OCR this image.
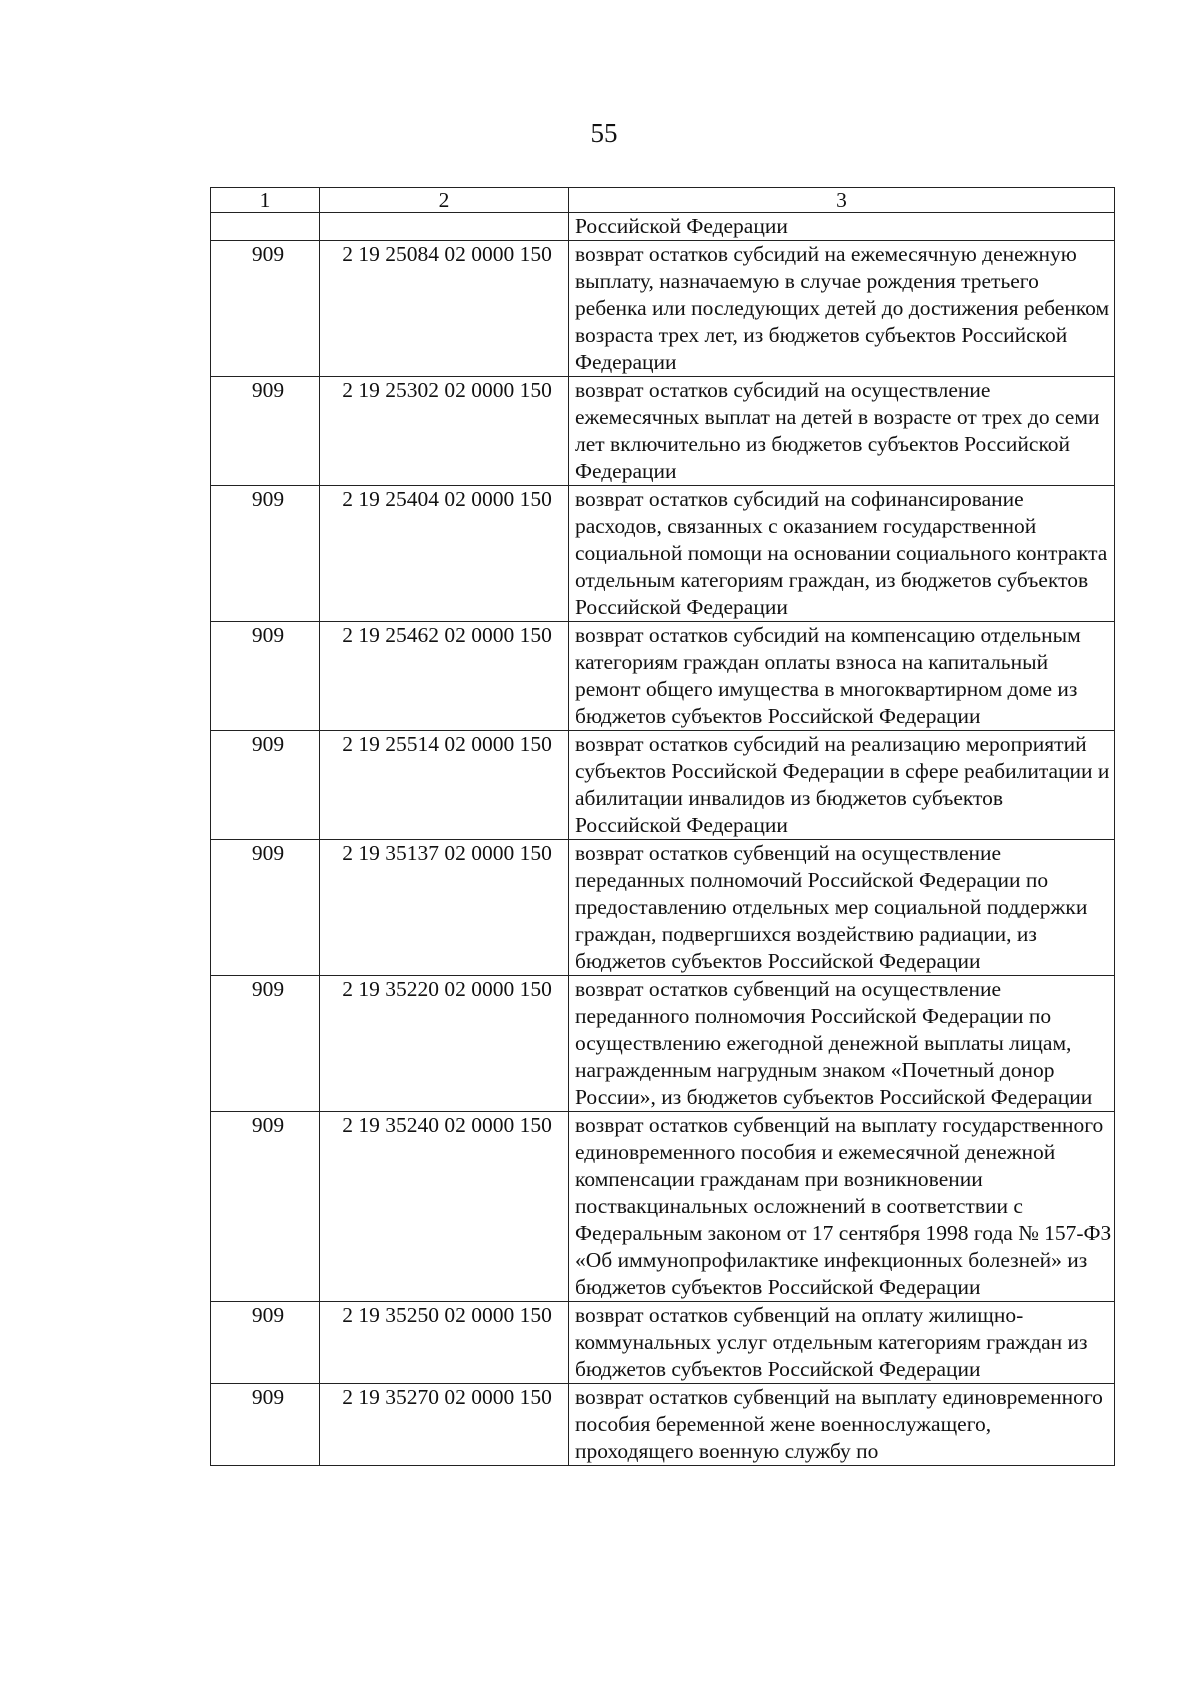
55
1	2	3
		Российской Федерации
909	2 19 25084 02 0000 150	возврат остатков субсидий на ежемесячную денежную выплату, назначаемую в случае рождения третьего ребенка или последующих детей до достижения ребенком возраста трех лет, из бюджетов субъектов Российской Федерации
909	2 19 25302 02 0000 150	возврат остатков субсидий на осуществление ежемесячных выплат на детей в возрасте от трех до семи лет включительно из бюджетов субъектов Российской Федерации
909	2 19 25404 02 0000 150	возврат остатков субсидий на софинансирование расходов, связанных с оказанием государственной социальной помощи на основании социального контракта отдельным категориям граждан, из бюджетов субъектов Российской Федерации
909	2 19 25462 02 0000 150	возврат остатков субсидий на компенсацию отдельным категориям граждан оплаты взноса на капитальный ремонт общего имущества в многоквартирном доме из бюджетов субъектов Российской Федерации
909	2 19 25514 02 0000 150	возврат остатков субсидий на реализацию мероприятий субъектов Российской Федерации в сфере реабилитации и абилитации инвалидов из бюджетов субъектов Российской Федерации
909	2 19 35137 02 0000 150	возврат остатков субвенций на осуществление переданных полномочий Российской Федерации по предоставлению отдельных мер социальной поддержки граждан, подвергшихся воздействию радиации, из бюджетов субъектов Российской Федерации
909	2 19 35220 02 0000 150	возврат остатков субвенций на осуществление переданного полномочия Российской Федерации по осуществлению ежегодной денежной выплаты лицам, награжденным нагрудным знаком «Почетный донор России», из бюджетов субъектов Российской Федерации
909	2 19 35240 02 0000 150	возврат остатков субвенций на выплату государственного единовременного пособия и ежемесячной денежной компенсации гражданам при возникновении поствакцинальных осложнений в соответствии с Федеральным законом от 17 сентября 1998 года № 157-ФЗ «Об иммунопрофилактике инфекционных болезней» из бюджетов субъектов Российской Федерации
909	2 19 35250 02 0000 150	возврат остатков субвенций на оплату жилищно-коммунальных услуг отдельным категориям граждан из бюджетов субъектов Российской Федерации
909	2 19 35270 02 0000 150	возврат остатков субвенций на выплату единовременного пособия беременной жене военнослужащего, проходящего военную службу по
